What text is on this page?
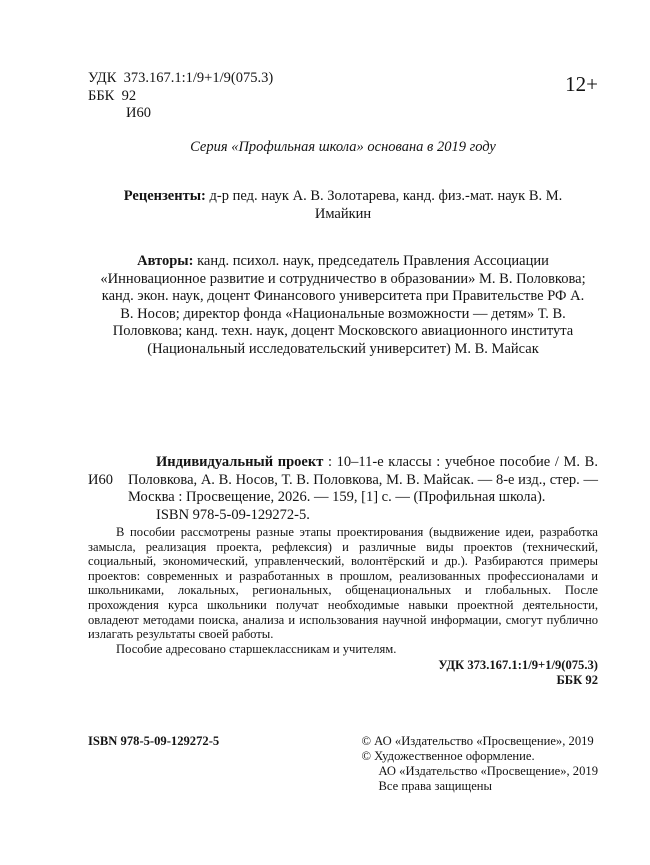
УДК  373.167.1:1/9+1/9(075.3)
ББК  92
И60
12+
Серия «Профильная школа» основана в 2019 году

Рецензенты: д-р пед. наук А. В. Золотарева, канд. физ.-мат. наук В. М. Имайкин

Авторы: канд. психол. наук, председатель Правления Ассоциации «Инновационное развитие и сотрудничество в образовании» М. В. Половкова; канд. экон. наук, доцент Финансового университета при Правительстве РФ А. В. Носов; директор фонда «Национальные возможности — детям» Т. В. Половкова; канд. техн. наук, доцент Московского авиационного института (Национальный исследовательский университет) М. В. Майсак

И60

Индивидуальный проект : 10–11-е классы : учебное пособие / М. В. Половкова, А. В. Носов, Т. В. Половкова, М. В. Майсак. — 8-е изд., стер. — Москва : Просвещение, 2026. — 159, [1] с. — (Профильная школа).

ISBN 978-5-09-129272-5.

В пособии рассмотрены разные этапы проектирования (выдвижение идеи, разработка замысла, реализация проекта, рефлексия) и различные виды проектов (технический, социальный, экономический, управленческий, волонтёрский и др.). Разбираются примеры проектов: современных и разработанных в прошлом, реализованных профессионалами и школьниками, локальных, региональных, общенациональных и глобальных. После прохождения курса школьники получат необходимые навыки проектной деятельности, овладеют методами поиска, анализа и использования научной информации, смогут публично излагать результаты своей работы.

Пособие адресовано старшеклассникам и учителям.

УДК 373.167.1:1/9+1/9(075.3)
ББК 92
ISBN 978-5-09-129272-5	© АО «Издательство «Просвещение», 2019
© Художественное оформление.
АО «Издательство «Просвещение», 2019
Все права защищены
